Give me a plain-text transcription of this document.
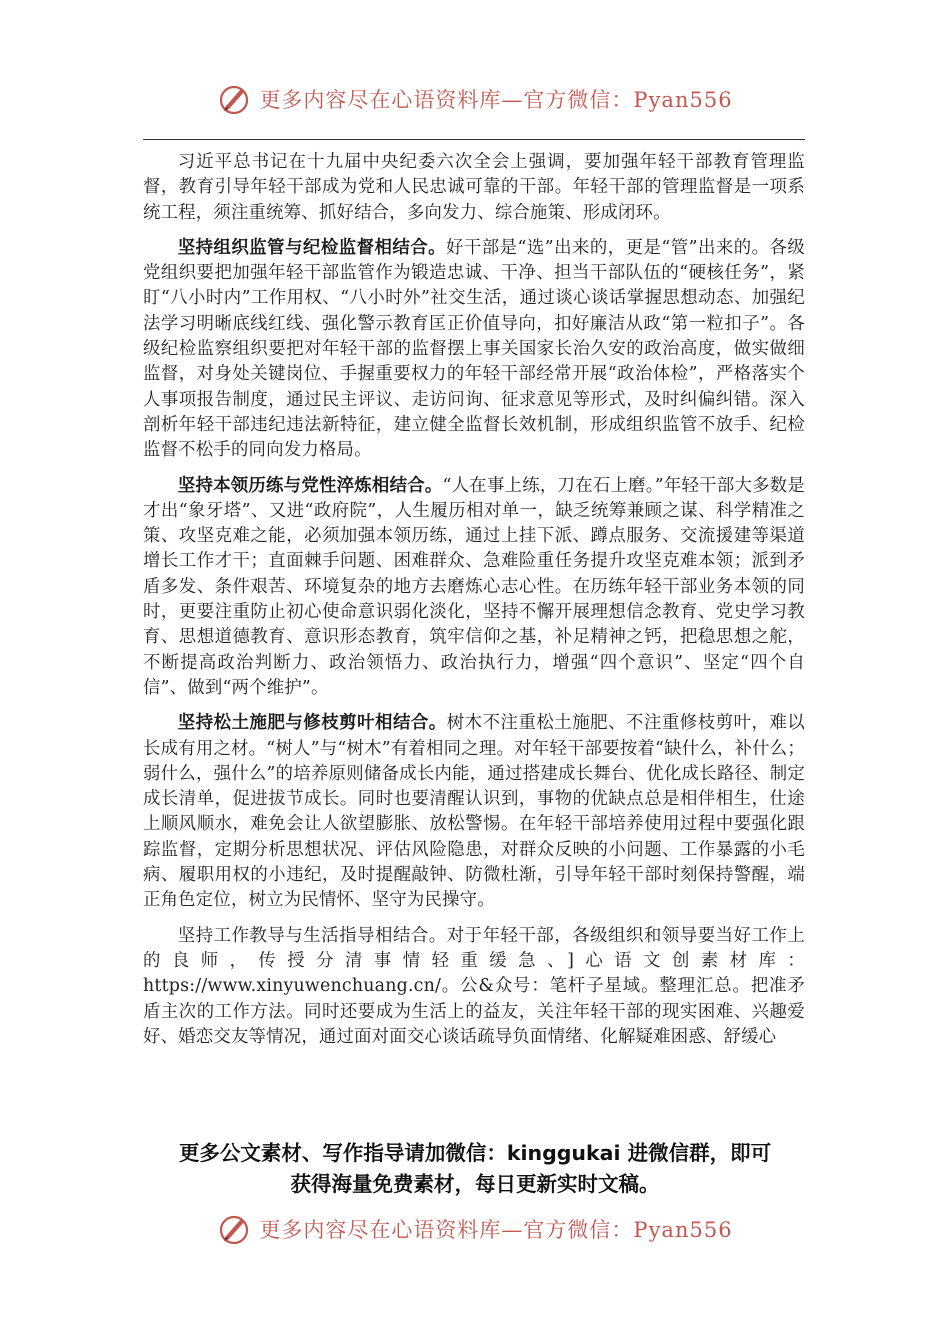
更多内容尽在心语资料库—官方微信：Pyan556

习近平总书记在十九届中央纪委六次全会上强调，要加强年轻干部教育管理监督，教育引导年轻干部成为党和人民忠诚可靠的干部。年轻干部的管理监督是一项系统工程，须注重统筹、抓好结合，多向发力、综合施策、形成闭环。

坚持组织监管与纪检监督相结合。好干部是“选”出来的，更是“管”出来的。各级党组织要把加强年轻干部监管作为锻造忠诚、干净、担当干部队伍的“硬核任务”，紧盯“八小时内”工作用权、“八小时外”社交生活，通过谈心谈话掌握思想动态、加强纪法学习明晰底线红线、强化警示教育匡正价值导向，扣好廉洁从政“第一粒扣子”。各级纪检监察组织要把对年轻干部的监督摆上事关国家长治久安的政治高度，做实做细监督，对身处关键岗位、手握重要权力的年轻干部经常开展“政治体检”，严格落实个人事项报告制度，通过民主评议、走访问询、征求意见等形式，及时纠偏纠错。深入剖析年轻干部违纪违法新特征，建立健全监督长效机制，形成组织监管不放手、纪检监督不松手的同向发力格局。

坚持本领历练与党性淬炼相结合。“人在事上练，刀在石上磨。”年轻干部大多数是才出“象牙塔”、又进“政府院”，人生履历相对单一，缺乏统筹兼顾之谋、科学精准之策、攻坚克难之能，必须加强本领历练，通过上挂下派、蹲点服务、交流援建等渠道增长工作才干；直面棘手问题、困难群众、急难险重任务提升攻坚克难本领；派到矛盾多发、条件艰苦、环境复杂的地方去磨炼心志心性。在历练年轻干部业务本领的同时，更要注重防止初心使命意识弱化淡化，坚持不懈开展理想信念教育、党史学习教育、思想道德教育、意识形态教育，筑牢信仰之基，补足精神之钙，把稳思想之舵，不断提高政治判断力、政治领悟力、政治执行力，增强“四个意识”、坚定“四个自信”、做到“两个维护”。

坚持松土施肥与修枝剪叶相结合。树木不注重松土施肥、不注重修枝剪叶，难以长成有用之材。“树人”与“树木”有着相同之理。对年轻干部要按着“缺什么，补什么；弱什么，强什么”的培养原则储备成长内能，通过搭建成长舞台、优化成长路径、制定成长清单，促进拔节成长。同时也要清醒认识到，事物的优缺点总是相伴相生，仕途上顺风顺水，难免会让人欲望膨胀、放松警惕。在年轻干部培养使用过程中要强化跟踪监督，定期分析思想状况、评估风险隐患，对群众反映的小问题、工作暴露的小毛病、履职用权的小违纪，及时提醒敲钟、防微杜渐，引导年轻干部时刻保持警醒，端正角色定位，树立为民情怀、坚守为民操守。

坚持工作教导与生活指导相结合。对于年轻干部，各级组织和领导要当好工作上的良师，传授分清事情轻重缓急、]心语文创素材库：https://www.xinyuwenchuang.cn/。公&众号：笔杆子星域。整理汇总。把准矛盾主次的工作方法。同时还要成为生活上的益友，关注年轻干部的现实困难、兴趣爱好、婚恋交友等情况，通过面对面交心谈话疏导负面情绪、化解疑难困惑、舒缓心

更多公文素材、写作指导请加微信：kinggukai 进微信群，即可
获得海量免费素材，每日更新实时文稿。
更多内容尽在心语资料库—官方微信：Pyan556
